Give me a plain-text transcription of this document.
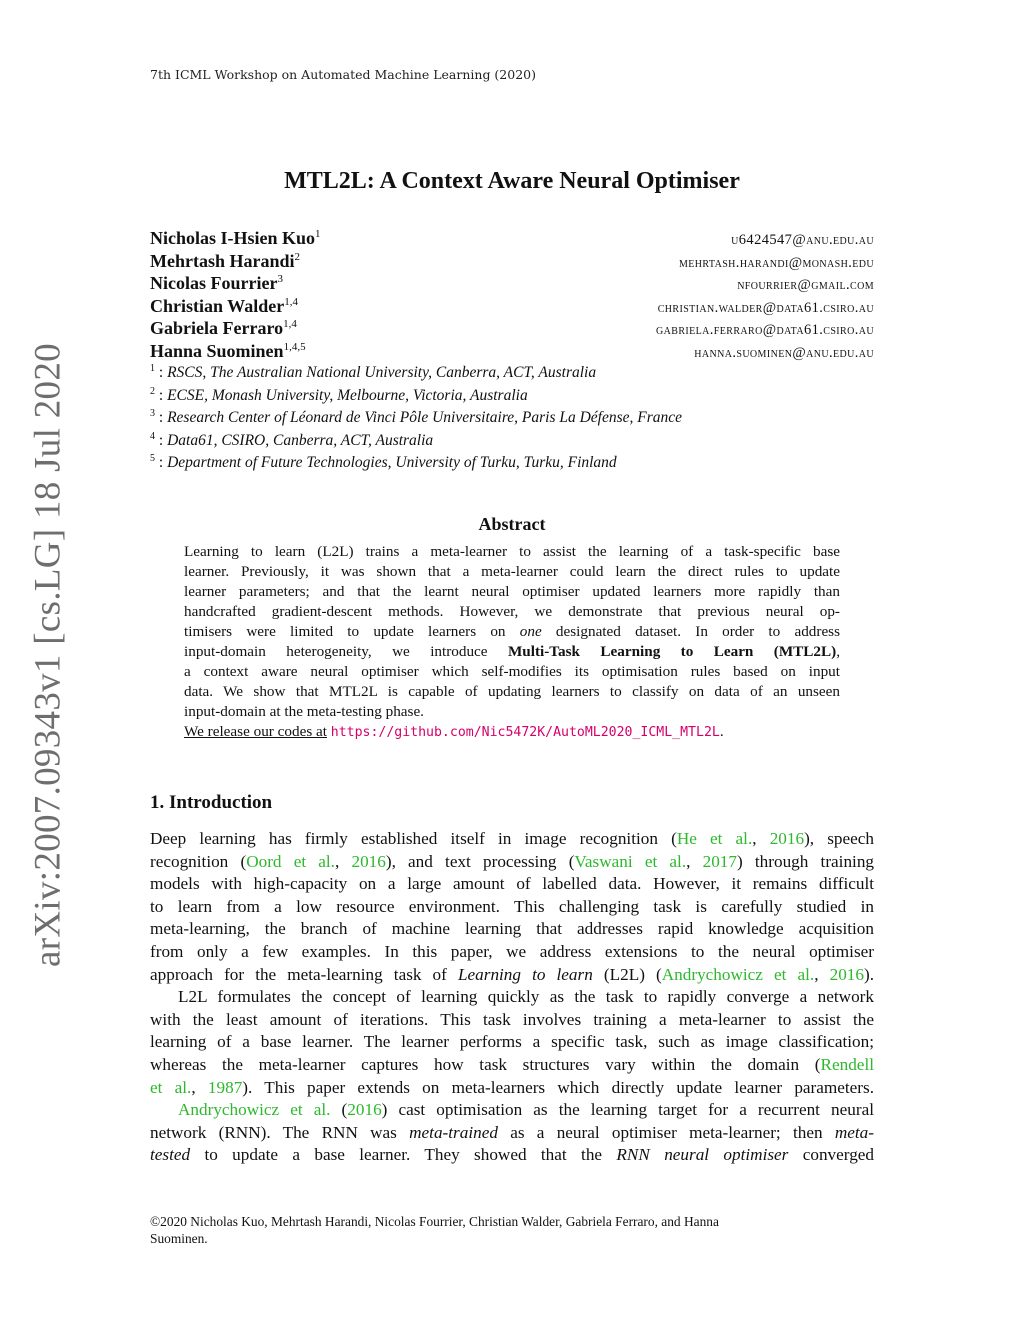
7th ICML Workshop on Automated Machine Learning (2020)
arXiv:2007.09343v1 [cs.LG] 18 Jul 2020
MTL2L: A Context Aware Neural Optimiser
Nicholas I-Hsien Kuo$^1$	u6424547@anu.edu.au
Mehrtash Harandi$^2$	mehrtash.harandi@monash.edu
Nicolas Fourrier$^3$	nfourrier@gmail.com
Christian Walder$^{1,4}$	christian.walder@data61.csiro.au
Gabriela Ferraro$^{1,4}$	gabriela.ferraro@data61.csiro.au
Hanna Suominen$^{1,4,5}$	hanna.suominen@anu.edu.au
$^1$ : RSCS, The Australian National University, Canberra, ACT, Australia
$^2$ : ECSE, Monash University, Melbourne, Victoria, Australia
$^3$ : Research Center of Léonard de Vinci Pôle Universitaire, Paris La Défense, France
$^4$ : Data61, CSIRO, Canberra, ACT, Australia
$^5$ : Department of Future Technologies, University of Turku, Turku, Finland
Abstract
Learning to learn (L2L) trains a meta-learner to assist the learning of a task-specific base
learner. Previously, it was shown that a meta-learner could learn the direct rules to update
learner parameters; and that the learnt neural optimiser updated learners more rapidly than
handcrafted gradient-descent methods. However, we demonstrate that previous neural op-
timisers were limited to update learners on one designated dataset. In order to address
input-domain heterogeneity, we introduce Multi-Task Learning to Learn (MTL2L),
a context aware neural optimiser which self-modifies its optimisation rules based on input
data. We show that MTL2L is capable of updating learners to classify on data of an unseen
input-domain at the meta-testing phase.
We release our codes at https://github.com/Nic5472K/AutoML2020_ICML_MTL2L.
1. Introduction
Deep learning has firmly established itself in image recognition (He et al., 2016), speech
recognition (Oord et al., 2016), and text processing (Vaswani et al., 2017) through training
models with high-capacity on a large amount of labelled data. However, it remains difficult
to learn from a low resource environment. This challenging task is carefully studied in
meta-learning, the branch of machine learning that addresses rapid knowledge acquisition
from only a few examples. In this paper, we address extensions to the neural optimiser
approach for the meta-learning task of Learning to learn (L2L) (Andrychowicz et al., 2016).
L2L formulates the concept of learning quickly as the task to rapidly converge a network
with the least amount of iterations. This task involves training a meta-learner to assist the
learning of a base learner. The learner performs a specific task, such as image classification;
whereas the meta-learner captures how task structures vary within the domain (Rendell
et al., 1987). This paper extends on meta-learners which directly update learner parameters.
Andrychowicz et al. (2016) cast optimisation as the learning target for a recurrent neural
network (RNN). The RNN was meta-trained as a neural optimiser meta-learner; then meta-
tested to update a base learner. They showed that the RNN neural optimiser converged
©2020 Nicholas Kuo, Mehrtash Harandi, Nicolas Fourrier, Christian Walder, Gabriela Ferraro, and Hanna
Suominen.
